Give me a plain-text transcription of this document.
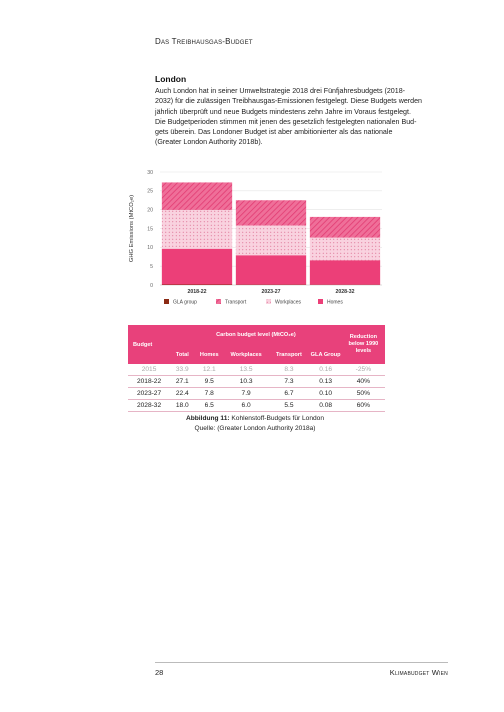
Das Treibhausgas-Budget
London
Auch London hat in seiner Umweltstrategie 2018 drei Fünfjahresbudgets (2018-
2032) für die zulässigen Treibhausgas-Emissionen festgelegt. Diese Budgets werden
jährlich überprüft und neue Budgets mindestens zehn Jahre im Voraus festgelegt.
Die Budgetperioden stimmen mit jenen des gesetzlich festgelegten nationalen Bud-
gets überein. Das Londoner Budget ist aber ambitionierter als das nationale
(Greater London Authority 2018b).
0
5
10
15
20
25
30
GHG Emissions (MtCO₂e)
2018-22	2023-27	2028-32
GLA group	Transport	Workplaces	Homes
Budget	Carbon budget level (MtCO₂e)					Reduction below 1990 levels
	Total	Homes	Workplaces	Transport	GLA Group	
2015	33.9	12.1	13.5	8.3	0.16	-25%
2018-22	27.1	9.5	10.3	7.3	0.13	40%
2023-27	22.4	7.8	7.9	6.7	0.10	50%
2028-32	18.0	6.5	6.0	5.5	0.08	60%
Abbildung 11: Kohlenstoff-Budgets für London
Quelle: (Greater London Authority 2018a)
28	Klimabudget Wien
